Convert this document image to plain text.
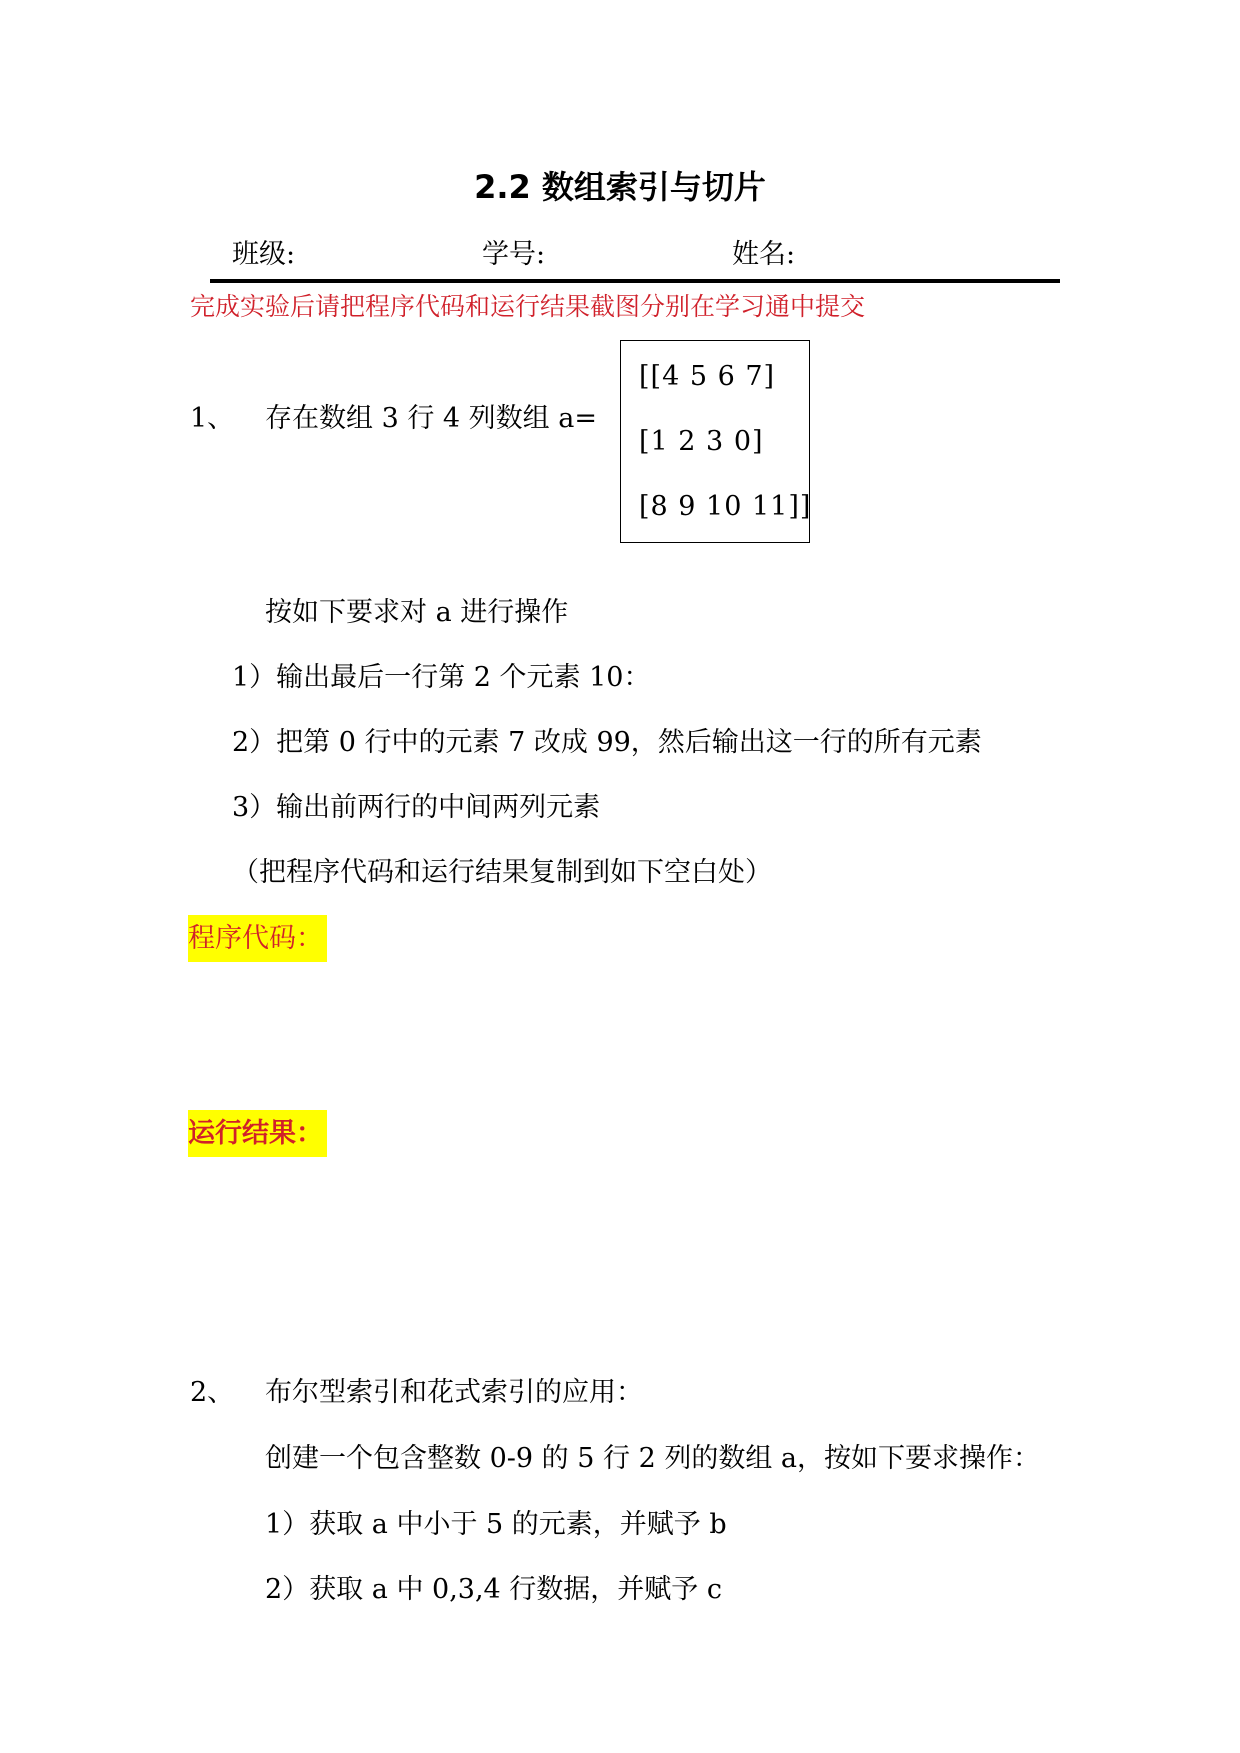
2.2 数组索引与切片
班级:	学号:	姓名:
完成实验后请把程序代码和运行结果截图分别在学习通中提交
1、 存在数组 3 行 4 列数组 a=
[[4 5 6 7]
[1 2 3 0]
[8 9 10 11]]
按如下要求对 a 进行操作
1）输出最后一行第 2 个元素 10：
2）把第 0 行中的元素 7 改成 99，然后输出这一行的所有元素
3）输出前两行的中间两列元素
（把程序代码和运行结果复制到如下空白处）
程序代码：
运行结果：
2、 布尔型索引和花式索引的应用：
创建一个包含整数 0-9 的 5 行 2 列的数组 a，按如下要求操作：
1）获取 a 中小于 5 的元素，并赋予 b
2）获取 a 中 0,3,4 行数据，并赋予 c
